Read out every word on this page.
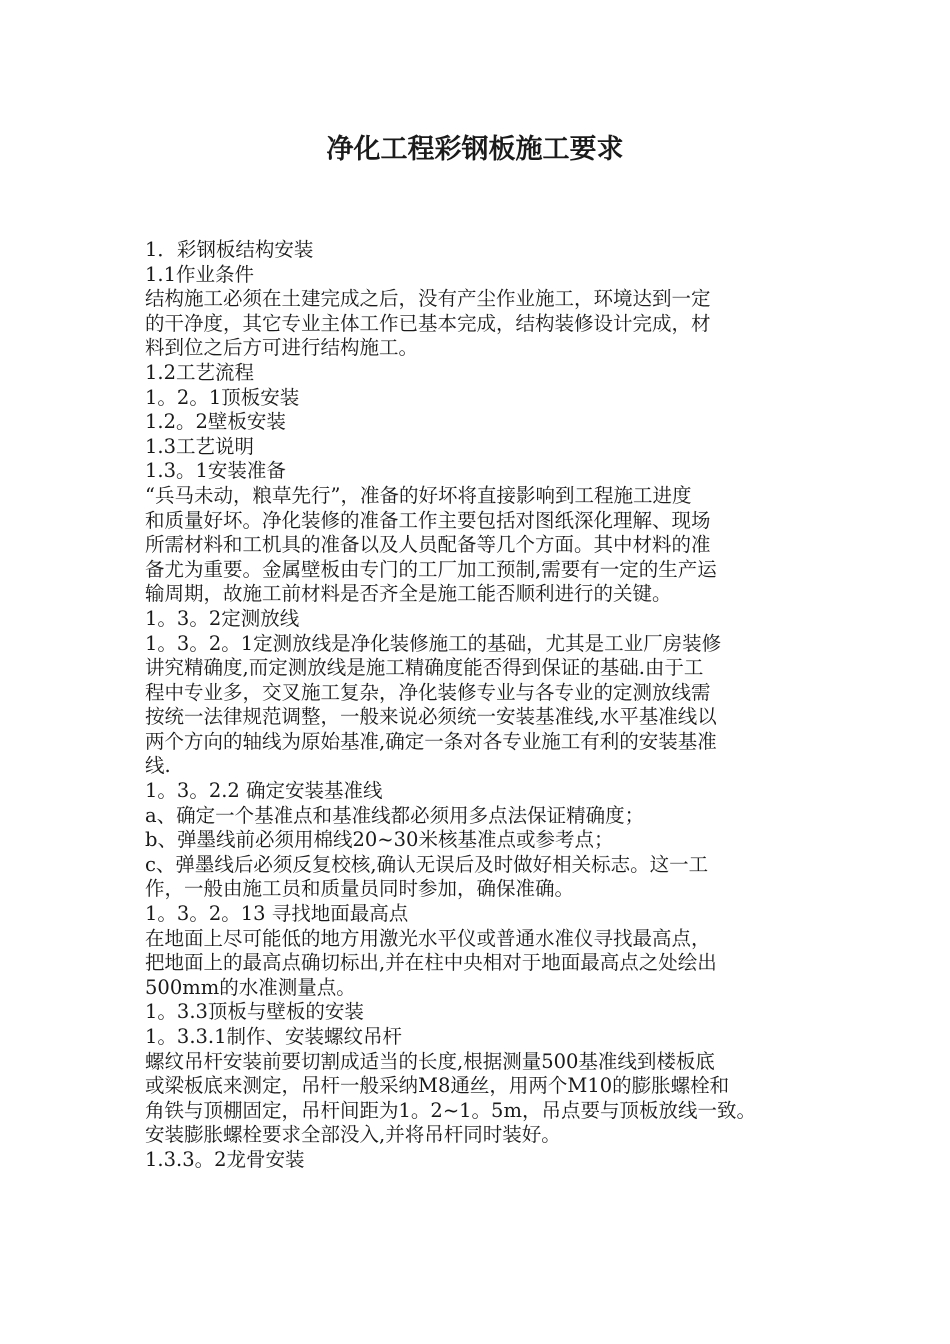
净化工程彩钢板施工要求
1．彩钢板结构安装
1.1作业条件
结构施工必须在土建完成之后，没有产尘作业施工，环境达到一定
的干净度，其它专业主体工作已基本完成，结构装修设计完成，材
料到位之后方可进行结构施工。
1.2工艺流程
1。2。1顶板安装
1.2。2壁板安装
1.3工艺说明
1.3。1安装准备
“兵马未动，粮草先行”，准备的好坏将直接影响到工程施工进度
和质量好坏。净化装修的准备工作主要包括对图纸深化理解、现场
所需材料和工机具的准备以及人员配备等几个方面。其中材料的准
备尤为重要。金属壁板由专门的工厂加工预制,需要有一定的生产运
输周期，故施工前材料是否齐全是施工能否顺利进行的关键。
1。3。2定测放线
1。3。2。1定测放线是净化装修施工的基础，尤其是工业厂房装修
讲究精确度,而定测放线是施工精确度能否得到保证的基础.由于工
程中专业多，交叉施工复杂，净化装修专业与各专业的定测放线需
按统一法律规范调整，一般来说必须统一安装基准线,水平基准线以
两个方向的轴线为原始基准,确定一条对各专业施工有利的安装基准
线.
1。3。2.2 确定安装基准线
a、确定一个基准点和基准线都必须用多点法保证精确度；
b、弹墨线前必须用棉线20~30米核基准点或参考点；
c、弹墨线后必须反复校核,确认无误后及时做好相关标志。这一工
作，一般由施工员和质量员同时参加，确保准确。
1。3。2。13 寻找地面最高点
在地面上尽可能低的地方用激光水平仪或普通水准仪寻找最高点，
把地面上的最高点确切标出,并在柱中央相对于地面最高点之处绘出
500mm的水准测量点。
1。3.3顶板与壁板的安装
1。3.3.1制作、安装螺纹吊杆
螺纹吊杆安装前要切割成适当的长度,根据测量500基准线到楼板底
或梁板底来测定，吊杆一般采纳M8通丝，用两个M10的膨胀螺栓和
角铁与顶棚固定，吊杆间距为1。2~1。5m，吊点要与顶板放线一致。
安装膨胀螺栓要求全部没入,并将吊杆同时装好。
1.3.3。2龙骨安装
